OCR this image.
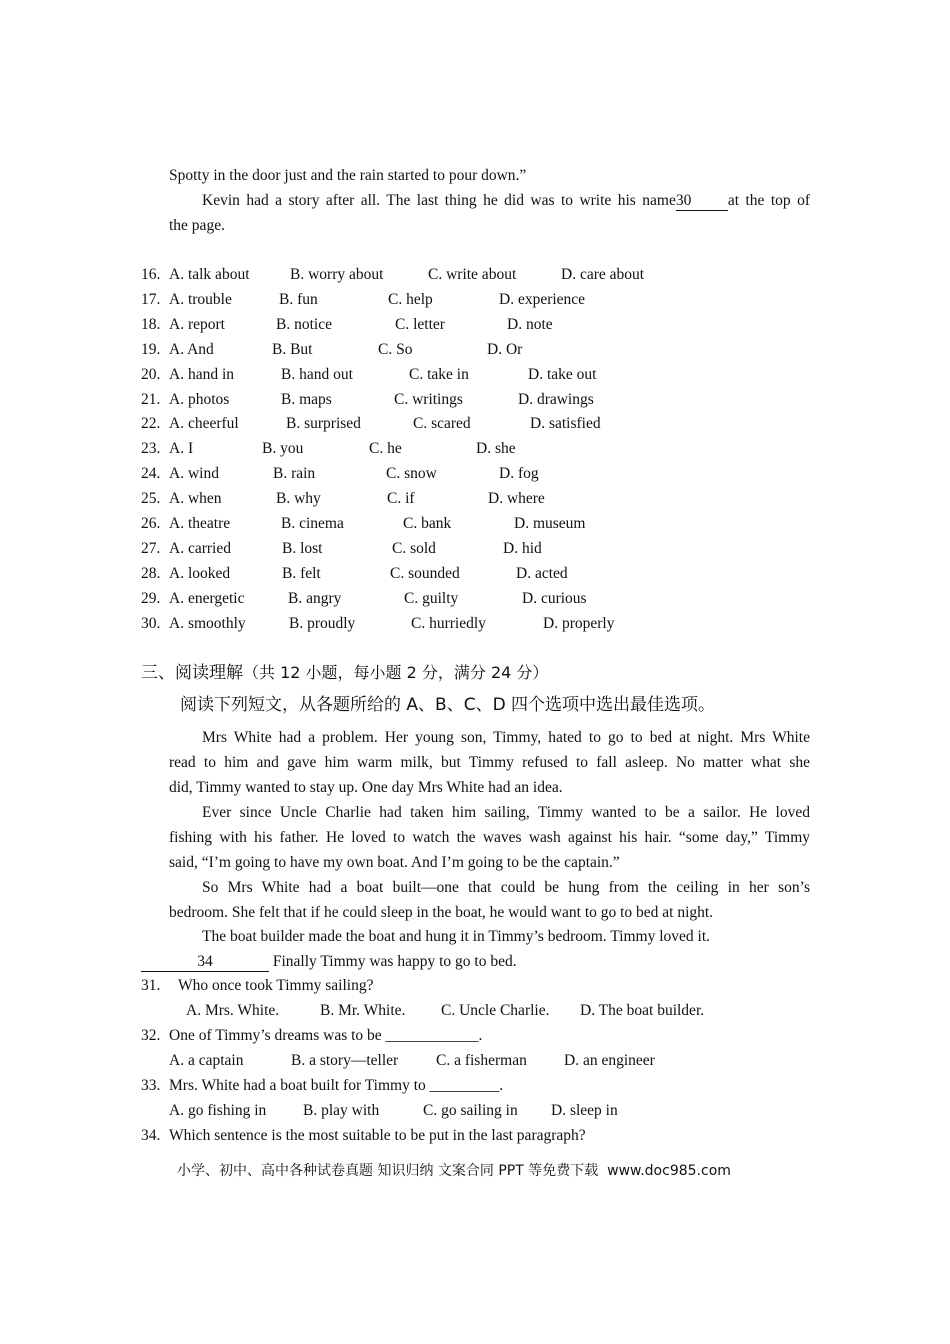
Spotty in the door just and the rain started to pour down.”
Kevin had a story after all. The last thing he did was to write his name30 at the top of
the page.
16. A. talk about	B. worry about	C. write about	D. care about
17. A. trouble	B. fun	C. help	D. experience
18. A. report	B. notice	C. letter	D. note
19. A. And	B. But	C. So	D. Or
20. A. hand in	B. hand out	C. take in	D. take out
21. A. photos	B. maps	C. writings	D. drawings
22. A. cheerful	B. surprised	C. scared	D. satisfied
23. A. I	B. you	C. he	D. she
24. A. wind	B. rain	C. snow	D. fog
25. A. when	B. why	C. if	D. where
26. A. theatre	B. cinema	C. bank	D. museum
27. A. carried	B. lost	C. sold	D. hid
28. A. looked	B. felt	C. sounded	D. acted
29. A. energetic	B. angry	C. guilty	D. curious
30. A. smoothly	B. proudly	C. hurriedly	D. properly
三、阅读理解（共 12 小题，每小题 2 分，满分 24 分）
阅读下列短文，从各题所给的 A、B、C、D 四个选项中选出最佳选项。
Mrs White had a problem. Her young son, Timmy, hated to go to bed at night. Mrs White
read to him and gave him warm milk, but Timmy refused to fall asleep. No matter what she
did, Timmy wanted to stay up. One day Mrs White had an idea.
Ever since Uncle Charlie had taken him sailing, Timmy wanted to be a sailor. He loved
fishing with his father. He loved to watch the waves wash against his hair. “some day,” Timmy
said, “I’m going to have my own boat. And I’m going to be the captain.”
So Mrs White had a boat built—one that could be hung from the ceiling in her son’s
bedroom. She felt that if he could sleep in the boat, he would want to go to bed at night.
The boat builder made the boat and hung it in Timmy’s bedroom. Timmy loved it.
34	Finally Timmy was happy to go to bed.
31. Who once took Timmy sailing?
A. Mrs. White.	B. Mr. White. C. Uncle Charlie. D. The boat builder.
32. One of Timmy’s dreams was to be ____________.
A. a captain	B. a story—teller C. a fisherman D. an engineer
33. Mrs. White had a boat built for Timmy to _________.
A. go fishing in B. play with	C. go sailing in D. sleep in
34. Which sentence is the most suitable to be put in the last paragraph?
小学、初中、高中各种试卷真题 知识归纳 文案合同 PPT 等免费下载 www.doc985.com
